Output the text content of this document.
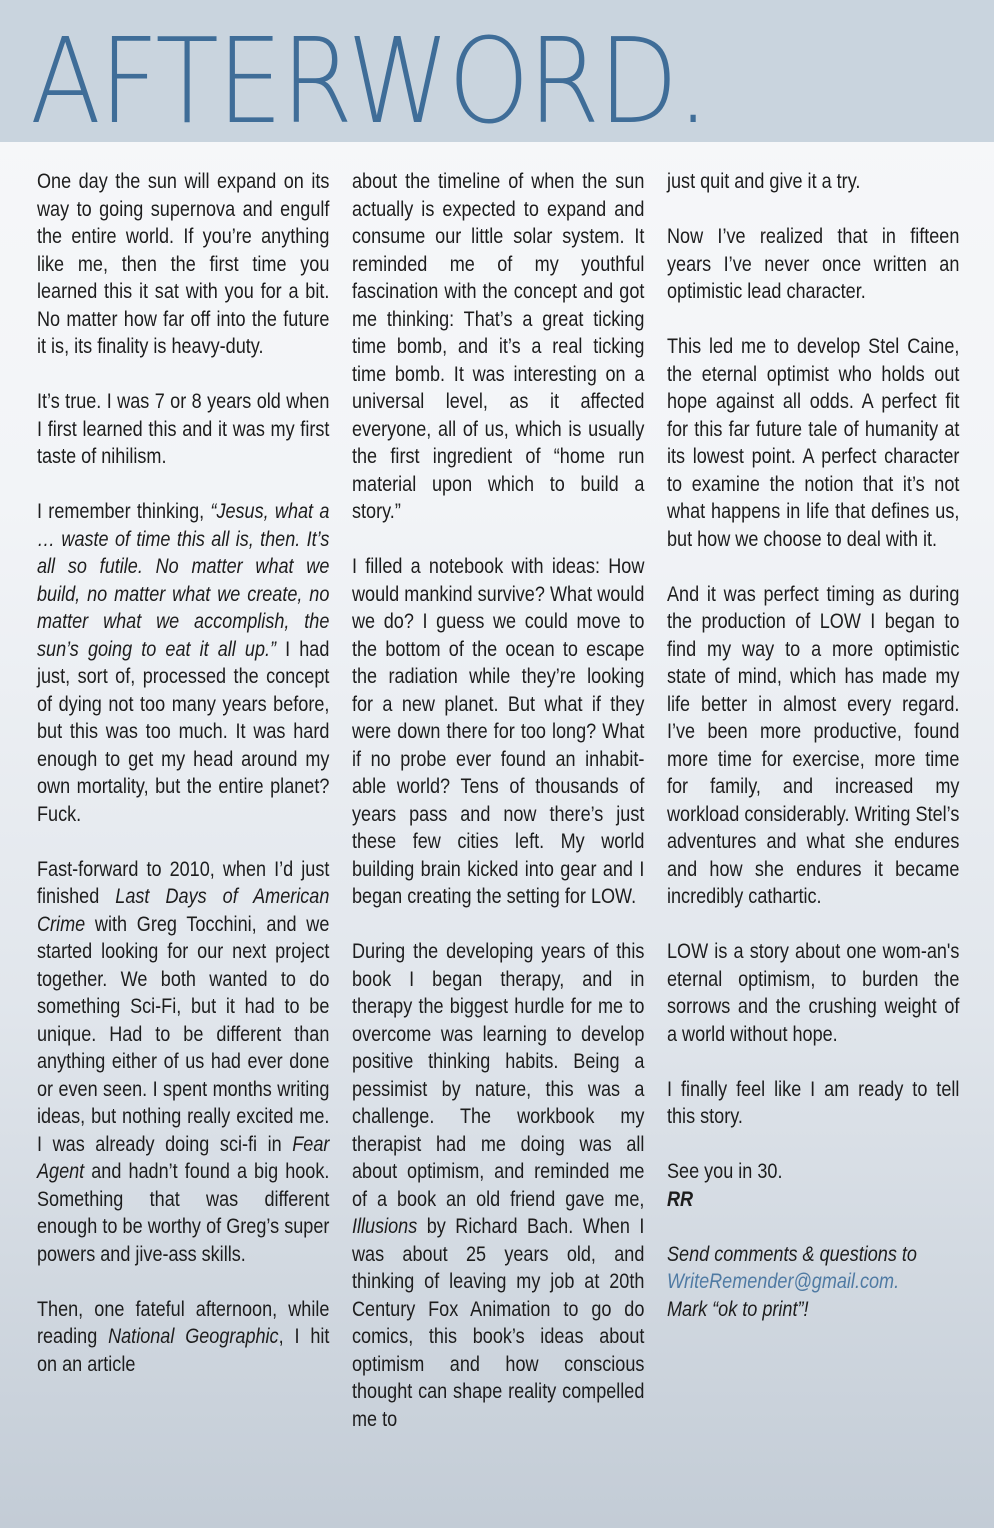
AFTERWORD.

One day the sun will expand on its way to going supernova and engulf the entire world. If you’re anything like me, then the first time you learned this it sat with you for a bit. No matter how far off into the future it is, its finality is heavy-duty.

It’s true. I was 7 or 8 years old when I first learned this and it was my first taste of nihilism.

I remember thinking, “Jesus, what a … waste of time this all is, then. It’s all so futile. No matter what we build, no matter what we create, no matter what we accomplish, the sun’s going to eat it all up.” I had just, sort of, processed the concept of dying not too many years before, but this was too much. It was hard enough to get my head around my own mortality, but the entire planet? Fuck.

Fast-forward to 2010, when I’d just finished Last Days of American Crime with Greg Tocchini, and we started looking for our next project together. We both wanted to do something Sci-Fi, but it had to be unique. Had to be different than anything either of us had ever done or even seen. I spent months writing ideas, but nothing really excited me. I was already doing sci-fi in Fear Agent and hadn’t found a big hook. Something that was different enough to be worthy of Greg’s super powers and jive-ass skills.

Then, one fateful afternoon, while reading National Geographic, I hit on an article

about the timeline of when the sun actually is expected to expand and consume our little solar system. It reminded me of my youthful fascination with the concept and got me thinking: That’s a great ticking time bomb, and it’s a real ticking time bomb. It was interesting on a universal level, as it affected everyone, all of us, which is usually the first ingredient of “home run material upon which to build a story.”

I filled a notebook with ideas: How would mankind survive? What would we do? I guess we could move to the bottom of the ocean to escape the radiation while they’re looking for a new planet. But what if they were down there for too long? What if no probe ever found an inhabit-able world? Tens of thousands of years pass and now there’s just these few cities left. My world building brain kicked into gear and I began creating the setting for LOW.

During the developing years of this book I began therapy, and in therapy the biggest hurdle for me to overcome was learning to develop positive thinking habits. Being a pessimist by nature, this was a challenge. The workbook my therapist had me doing was all about optimism, and reminded me of a book an old friend gave me, Illusions by Richard Bach. When I was about 25 years old, and thinking of leaving my job at 20th Century Fox Animation to go do comics, this book’s ideas about optimism and how conscious thought can shape reality compelled me to

just quit and give it a try.

Now I’ve realized that in fifteen years I’ve never once written an optimistic lead character.

This led me to develop Stel Caine, the eternal optimist who holds out hope against all odds. A perfect fit for this far future tale of humanity at its lowest point. A perfect character to examine the notion that it’s not what happens in life that defines us, but how we choose to deal with it.

And it was perfect timing as during the production of LOW I began to find my way to a more optimistic state of mind, which has made my life better in almost every regard. I’ve been more productive, found more time for exercise, more time for family, and increased my workload considerably. Writing Stel’s adventures and what she endures and how she endures it became incredibly cathartic.

LOW is a story about one wom-an's eternal optimism, to burden the sorrows and the crushing weight of a world without hope.

I finally feel like I am ready to tell this story.

See you in 30.
RR

Send comments & questions to
WriteRemender@gmail.com.
Mark “ok to print”!
